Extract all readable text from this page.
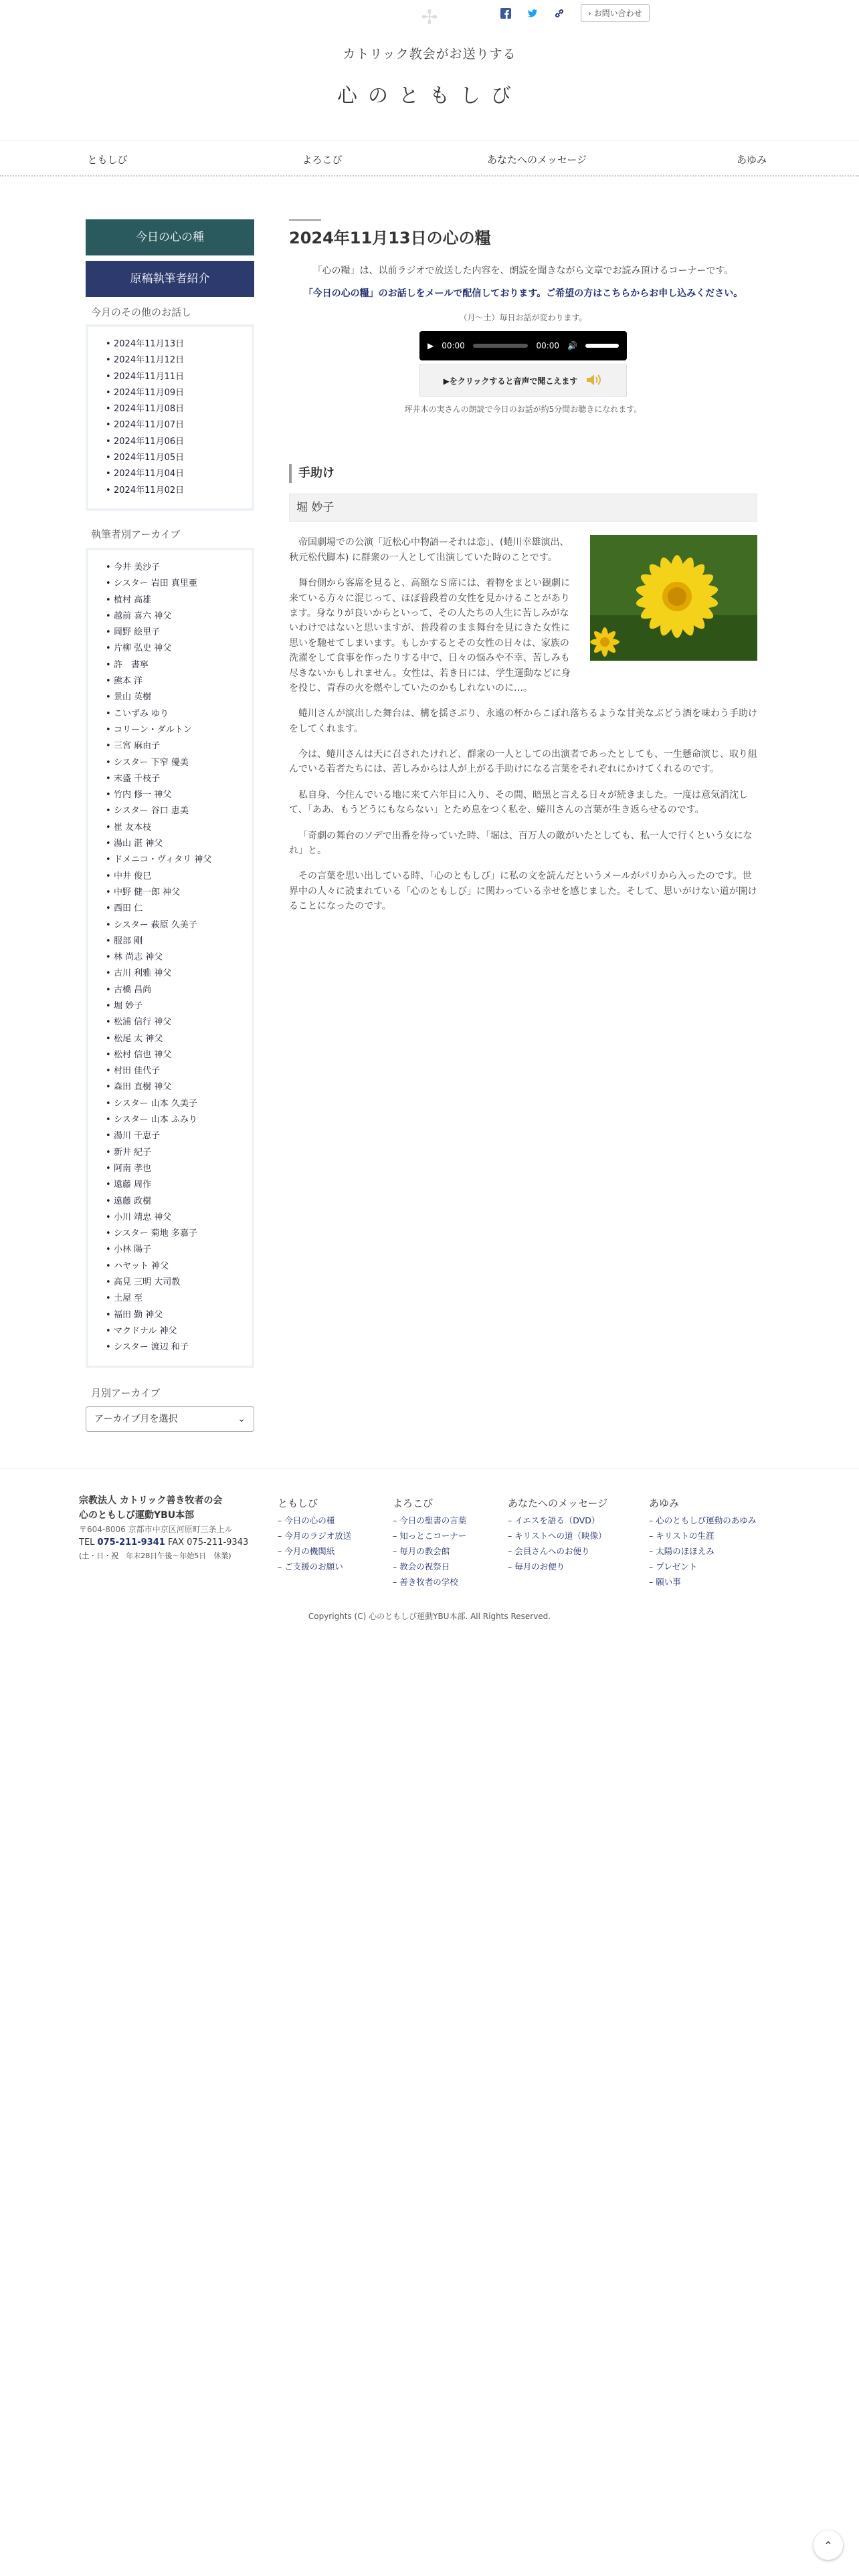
› お問い合わせ
✢
カトリック教会がお送りする
心のともしび
ともしび	よろこび	あなたへのメッセージ	あゆみ
今日の心の種
原稿執筆者紹介
今月のその他のお話し
• 2024年11月13日
• 2024年11月12日
• 2024年11月11日
• 2024年11月09日
• 2024年11月08日
• 2024年11月07日
• 2024年11月06日
• 2024年11月05日
• 2024年11月04日
• 2024年11月02日
執筆者別アーカイブ
• 今井 美沙子
• シスター 岩田 真里亜
• 植村 高雄
• 越前 喜六 神父
• 岡野 絵里子
• 片柳 弘史 神父
• 許　書寧
• 熊本 洋
• 景山 英樹
• こいずみ ゆり
• コリーン・ダルトン
• 三宮 麻由子
• シスター 下窄 優美
• 末盛 千枝子
• 竹内 修一 神父
• シスター 谷口 恵美
• 崔 友本枝
• 湯山 湛 神父
• ドメニコ・ヴィタリ 神父
• 中井 俊巳
• 中野 健一郎 神父
• 西田 仁
• シスター 萩原 久美子
• 服部 剛
• 林 尚志 神父
• 古川 利雅 神父
• 古橋 昌尚
• 堀 妙子
• 松浦 信行 神父
• 松尾 太 神父
• 松村 信也 神父
• 村田 佳代子
• 森田 直樹 神父
• シスター 山本 久美子
• シスター 山本 ふみり
• 湯川 千恵子
• 新井 紀子
• 阿南 孝也
• 遠藤 周作
• 遠藤 政樹
• 小川 靖忠 神父
• シスター 菊地 多嘉子
• 小林 陽子
• ハヤット 神父
• 高見 三明 大司教
• 土屋 至
• 福田 勤 神父
• マクドナル 神父
• シスター 渡辺 和子
月別アーカイブ
アーカイブ月を選択	⌄
2024年11月13日の心の糧

「心の糧」は、以前ラジオで放送した内容を、朗読を聞きながら文章でお読み頂けるコーナーです。

「今日の心の糧」のお話しをメールで配信しております。ご希望の方はこちらからお申し込みください。

（月～土）毎日お話が変わります。

▶ 00:00	00:00 🔊
▶をクリックすると音声で聞こえます

坪井木の実さんの朗読で今日のお話が約5分間お聴きになれます。

手助け
堀 妙子

帝国劇場での公演「近松心中物語ーそれは恋」、(蜷川幸雄演出、秋元松代脚本) に群衆の一人として出演していた時のことです。

舞台側から客席を見ると、高額なＳ席には、着物をまとい観劇に来ている方々に混じって、ほぼ普段着の女性を見かけることがあります。身なりが良いからといって、その人たちの人生に苦しみがないわけではないと思いますが、普段着のまま舞台を見にきた女性に思いを馳せてしまいます。もしかするとその女性の日々は、家族の洗濯をして食事を作ったりする中で、日々の悩みや不幸、苦しみも尽きないかもしれません。女性は、若き日には、学生運動などに身を投じ、青春の火を燃やしていたのかもしれないのに…。

蜷川さんが演出した舞台は、構を揺さぶり、永遠の杯からこぼれ落ちるような甘美なぶどう酒を味わう手助けをしてくれます。

今は、蜷川さんは天に召されたけれど、群衆の一人としての出演者であったとしても、一生懸命演じ、取り組んでいる若者たちには、苦しみからは人が上がる手助けになる言葉をそれぞれにかけてくれるのです。

私自身、今住んでいる地に来て六年目に入り、その間、暗黒と言える日々が続きました。一度は意気消沈して、「ああ、もうどうにもならない」とため息をつく私を、蜷川さんの言葉が生き返らせるのです。

「奇劇の舞台のソデで出番を待っていた時、「堀は、百万人の敵がいたとしても、私一人で行くという女になれ」と。

その言葉を思い出している時、「心のともしび」に私の文を読んだというメールがパリから入ったのです。世界中の人々に読まれている「心のともしび」に関わっている幸せを感じました。そして、思いがけない道が開けることになったのです。

宗教法人 カトリック善き牧者の会
心のともしび運動YBU本部
〒604-8006 京都市中京区河原町三条上ル
TEL 075-211-9341 FAX 075-211-9343
(土・日・祝　年末28日午後〜年始5日　休業)
ともしび
– 今日の心の種
– 今月のラジオ放送
– 今月の機関紙
– ご支援のお願い
よろこび
– 今日の聖書の言葉
– 知っとこコーナー
– 毎月の教会館
– 教会の祝祭日
– 善き牧者の学校
あなたへのメッセージ
– イエスを語る（DVD）
– キリストへの道（映像）
– 会員さんへのお便り
– 毎月のお便り
あゆみ
– 心のともしび運動のあゆみ
– キリストの生涯
– 太陽のほほえみ
– プレゼント
– 願い事
Copyrights (C) 心のともしび運動YBU本部. All Rights Reserved.
⌃
